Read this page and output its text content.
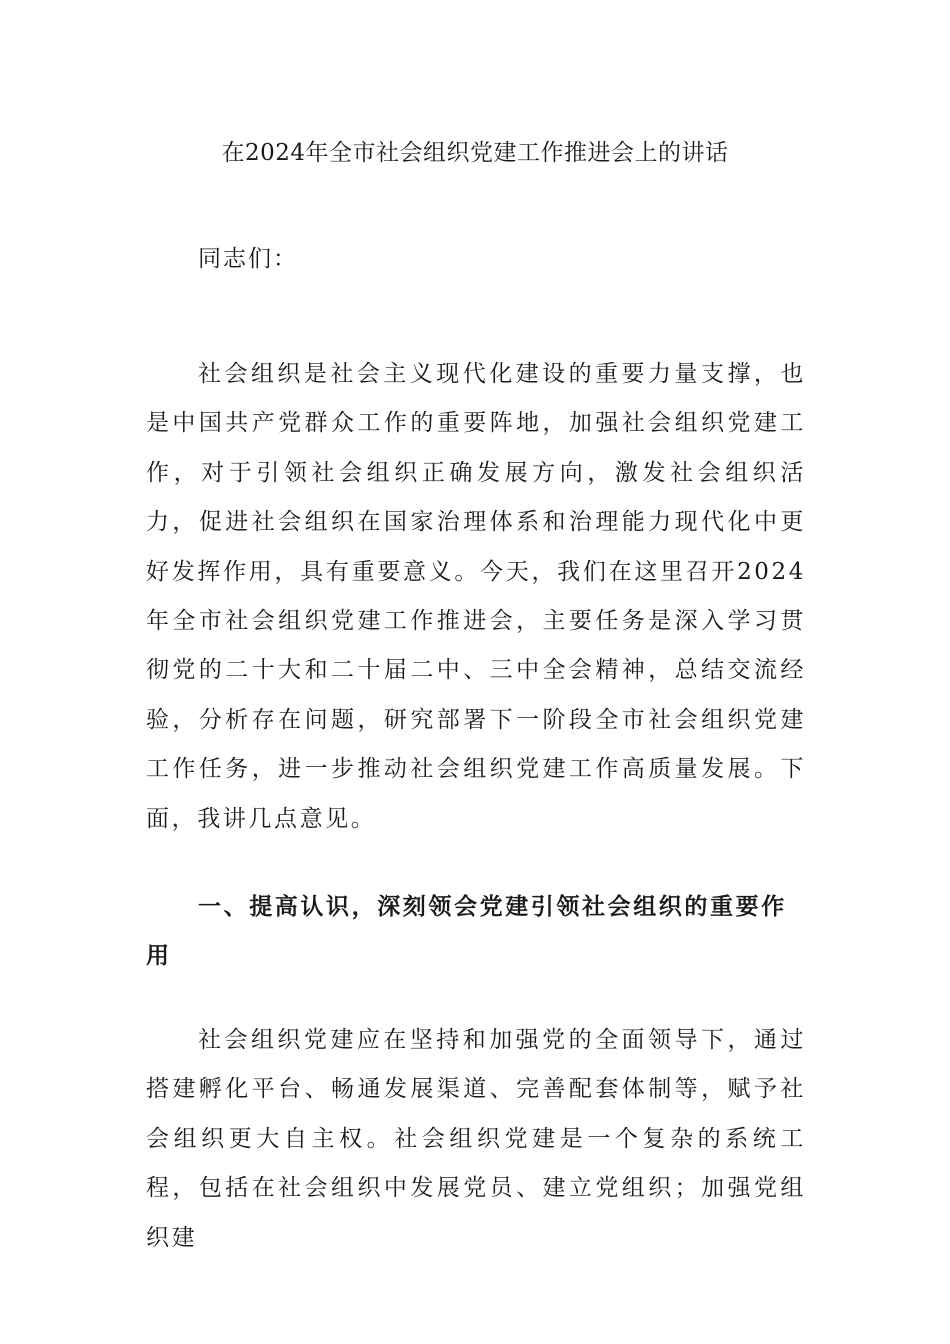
在2024年全市社会组织党建工作推进会上的讲话
同志们：

社会组织是社会主义现代化建设的重要力量支撑，也是中国共产党群众工作的重要阵地，加强社会组织党建工作，对于引领社会组织正确发展方向，激发社会组织活力，促进社会组织在国家治理体系和治理能力现代化中更好发挥作用，具有重要意义。今天，我们在这里召开2024年全市社会组织党建工作推进会，主要任务是深入学习贯彻党的二十大和二十届二中、三中全会精神，总结交流经验，分析存在问题，研究部署下一阶段全市社会组织党建工作任务，进一步推动社会组织党建工作高质量发展。下面，我讲几点意见。

一、提高认识，深刻领会党建引领社会组织的重要作用

社会组织党建应在坚持和加强党的全面领导下，通过搭建孵化平台、畅通发展渠道、完善配套体制等，赋予社会组织更大自主权。社会组织党建是一个复杂的系统工程，包括在社会组织中发展党员、建立党组织；加强党组织建
